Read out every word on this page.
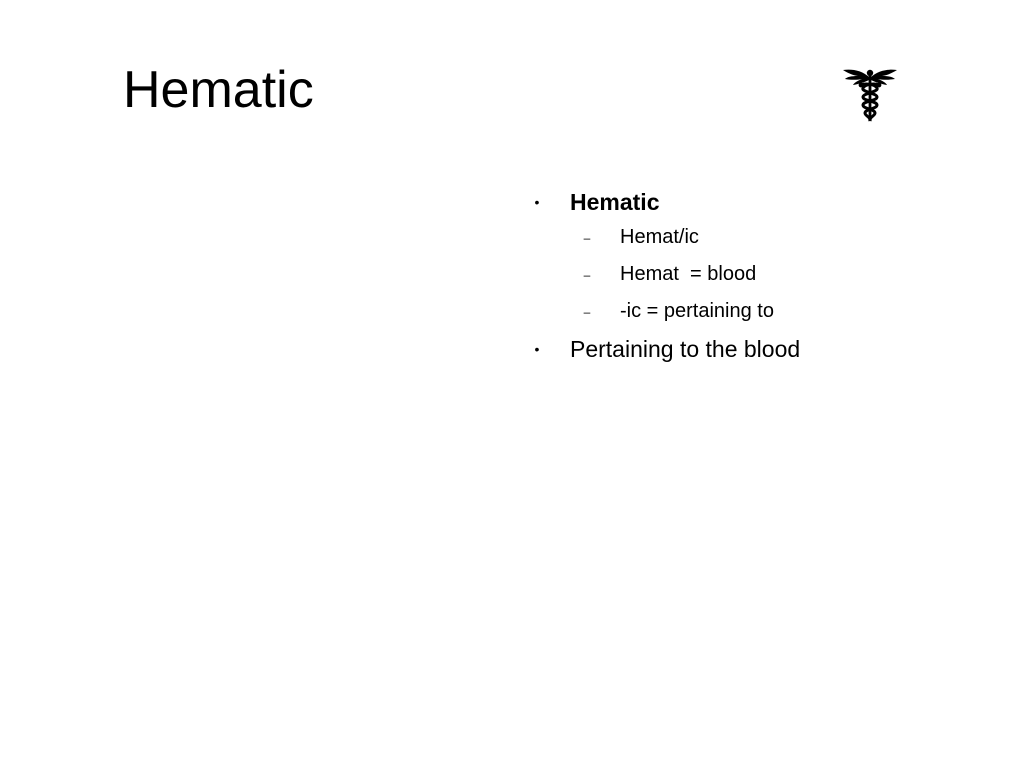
Hematic
• Hematic
– Hemat/ic
– Hemat  = blood
– -ic = pertaining to
• Pertaining to the blood
